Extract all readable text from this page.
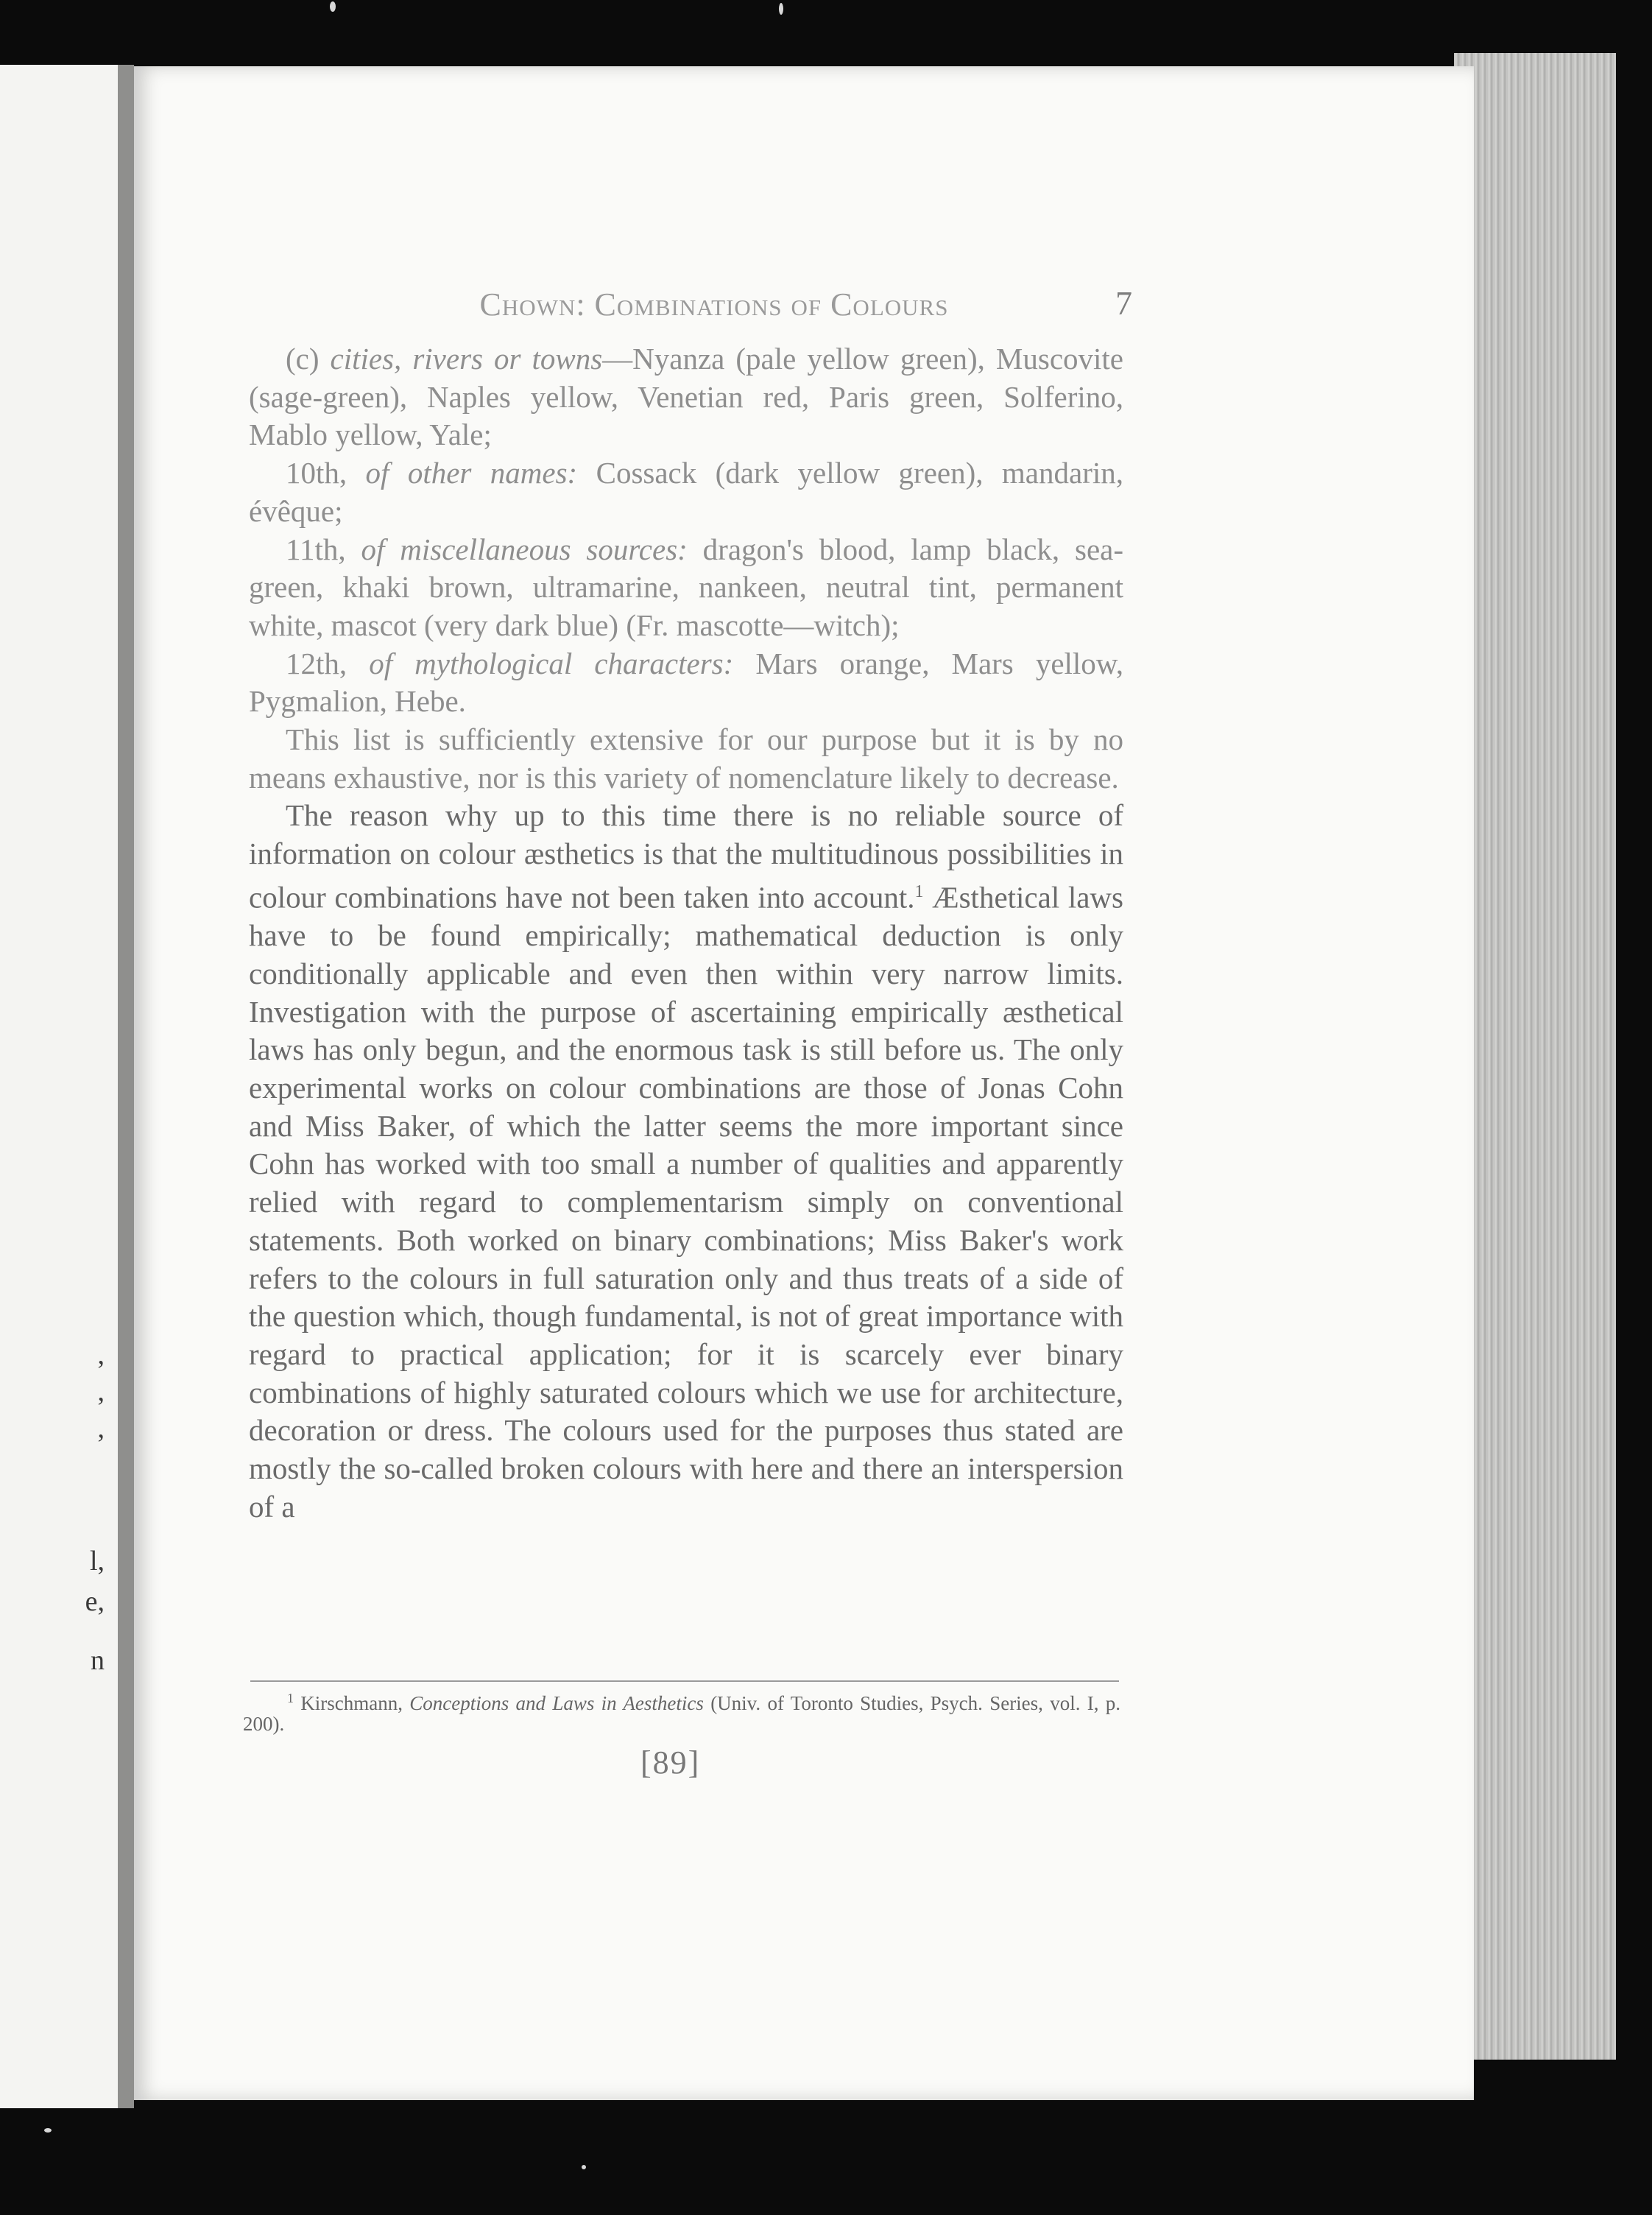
,
,
,
l,
e,
n
Chown: Combinations of Colours	7

(c) cities, rivers or towns—Nyanza (pale yellow green), Muscovite (sage-green), Naples yellow, Venetian red, Paris green, Solferino, Mablo yellow, Yale;

10th, of other names: Cossack (dark yellow green), mandarin, évêque;

11th, of miscellaneous sources: dragon's blood, lamp black, sea-green, khaki brown, ultramarine, nankeen, neutral tint, permanent white, mascot (very dark blue) (Fr. mascotte—witch);

12th, of mythological characters: Mars orange, Mars yellow, Pygmalion, Hebe.

This list is sufficiently extensive for our purpose but it is by no means exhaustive, nor is this variety of nomenclature likely to decrease.

The reason why up to this time there is no reliable source of information on colour æsthetics is that the multitudinous possibilities in colour combinations have not been taken into account.$^1$ Æsthetical laws have to be found empirically; mathematical deduction is only conditionally applicable and even then within very narrow limits. Investigation with the purpose of ascertaining empirically æsthetical laws has only begun, and the enormous task is still before us. The only experimental works on colour combinations are those of Jonas Cohn and Miss Baker, of which the latter seems the more important since Cohn has worked with too small a number of qualities and apparently relied with regard to complementarism simply on conventional statements. Both worked on binary combinations; Miss Baker's work refers to the colours in full saturation only and thus treats of a side of the question which, though fundamental, is not of great importance with regard to practical application; for it is scarcely ever binary combinations of highly saturated colours which we use for architecture, decoration or dress. The colours used for the purposes thus stated are mostly the so-called broken colours with here and there an interspersion of a

$^1$ Kirschmann, Conceptions and Laws in Aesthetics (Univ. of Toronto Studies, Psych. Series, vol. I, p. 200).

[89]
